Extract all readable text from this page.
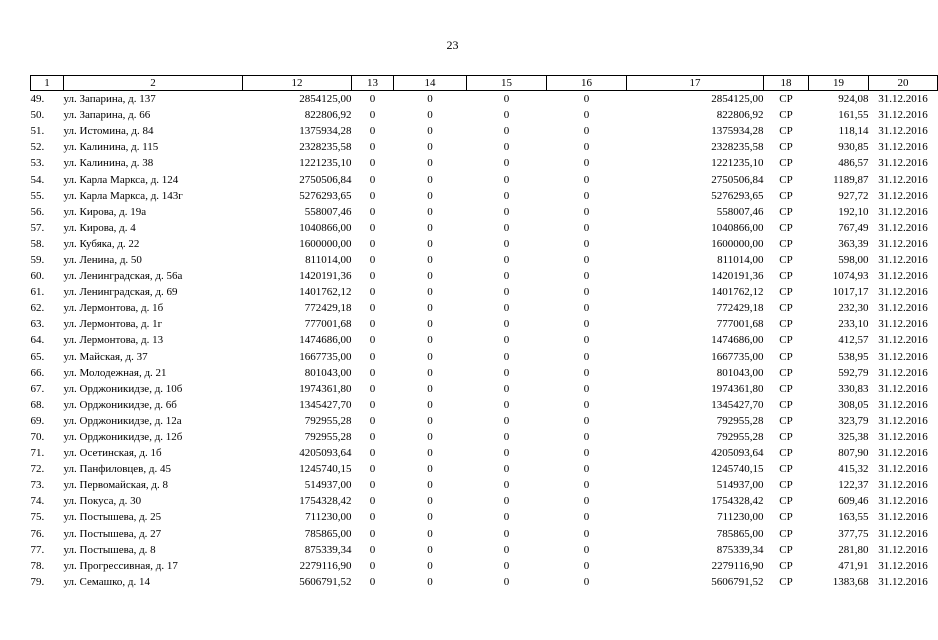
23
1	2	12	13	14	15	16	17	18	19	20
49.	ул. Запарина, д. 137	2854125,00	0	0	0	0	2854125,00	СР	924,08	31.12.2016
50.	ул. Запарина, д. 66	822806,92	0	0	0	0	822806,92	СР	161,55	31.12.2016
51.	ул. Истомина, д. 84	1375934,28	0	0	0	0	1375934,28	СР	118,14	31.12.2016
52.	ул. Калинина, д. 115	2328235,58	0	0	0	0	2328235,58	СР	930,85	31.12.2016
53.	ул. Калинина, д. 38	1221235,10	0	0	0	0	1221235,10	СР	486,57	31.12.2016
54.	ул. Карла Маркса, д. 124	2750506,84	0	0	0	0	2750506,84	СР	1189,87	31.12.2016
55.	ул. Карла Маркса, д. 143г	5276293,65	0	0	0	0	5276293,65	СР	927,72	31.12.2016
56.	ул. Кирова, д. 19а	558007,46	0	0	0	0	558007,46	СР	192,10	31.12.2016
57.	ул. Кирова, д. 4	1040866,00	0	0	0	0	1040866,00	СР	767,49	31.12.2016
58.	ул. Кубяка, д. 22	1600000,00	0	0	0	0	1600000,00	СР	363,39	31.12.2016
59.	ул. Ленина, д. 50	811014,00	0	0	0	0	811014,00	СР	598,00	31.12.2016
60.	ул. Ленинградская, д. 56а	1420191,36	0	0	0	0	1420191,36	СР	1074,93	31.12.2016
61.	ул. Ленинградская, д. 69	1401762,12	0	0	0	0	1401762,12	СР	1017,17	31.12.2016
62.	ул. Лермонтова, д. 1б	772429,18	0	0	0	0	772429,18	СР	232,30	31.12.2016
63.	ул. Лермонтова, д. 1г	777001,68	0	0	0	0	777001,68	СР	233,10	31.12.2016
64.	ул. Лермонтова, д. 13	1474686,00	0	0	0	0	1474686,00	СР	412,57	31.12.2016
65.	ул. Майская, д. 37	1667735,00	0	0	0	0	1667735,00	СР	538,95	31.12.2016
66.	ул. Молодежная, д. 21	801043,00	0	0	0	0	801043,00	СР	592,79	31.12.2016
67.	ул. Орджоникидзе, д. 10б	1974361,80	0	0	0	0	1974361,80	СР	330,83	31.12.2016
68.	ул. Орджоникидзе, д. 6б	1345427,70	0	0	0	0	1345427,70	СР	308,05	31.12.2016
69.	ул. Орджоникидзе, д. 12а	792955,28	0	0	0	0	792955,28	СР	323,79	31.12.2016
70.	ул. Орджоникидзе, д. 12б	792955,28	0	0	0	0	792955,28	СР	325,38	31.12.2016
71.	ул. Осетинская, д. 1б	4205093,64	0	0	0	0	4205093,64	СР	807,90	31.12.2016
72.	ул. Панфиловцев, д. 45	1245740,15	0	0	0	0	1245740,15	СР	415,32	31.12.2016
73.	ул. Первомайская, д. 8	514937,00	0	0	0	0	514937,00	СР	122,37	31.12.2016
74.	ул. Покуса, д. 30	1754328,42	0	0	0	0	1754328,42	СР	609,46	31.12.2016
75.	ул. Постышева, д. 25	711230,00	0	0	0	0	711230,00	СР	163,55	31.12.2016
76.	ул. Постышева, д. 27	785865,00	0	0	0	0	785865,00	СР	377,75	31.12.2016
77.	ул. Постышева, д. 8	875339,34	0	0	0	0	875339,34	СР	281,80	31.12.2016
78.	ул. Прогрессивная, д. 17	2279116,90	0	0	0	0	2279116,90	СР	471,91	31.12.2016
79.	ул. Семашко, д. 14	5606791,52	0	0	0	0	5606791,52	СР	1383,68	31.12.2016
